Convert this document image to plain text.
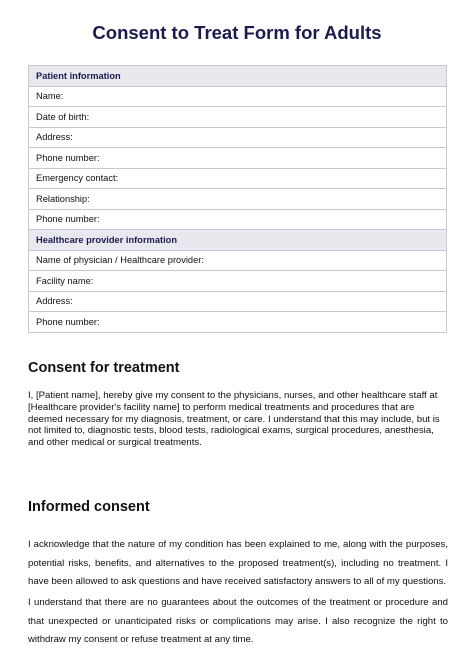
Consent to Treat Form for Adults
Patient information
Name:
Date of birth:
Address:
Phone number:
Emergency contact:
Relationship:
Phone number:
Healthcare provider information
Name of physician / Healthcare provider:
Facility name:
Address:
Phone number:
Consent for treatment

I, [Patient name], hereby give my consent to the physicians, nurses, and other healthcare staff at [Healthcare provider's facility name] to perform medical treatments and procedures that are deemed necessary for my diagnosis, treatment, or care. I understand that this may include, but is not limited to, diagnostic tests, blood tests, radiological exams, surgical procedures, anesthesia, and other medical or surgical treatments.

Informed consent

I acknowledge that the nature of my condition has been explained to me, along with the purposes, potential risks, benefits, and alternatives to the proposed treatment(s), including no treatment. I have been allowed to ask questions and have received satisfactory answers to all of my questions.

I understand that there are no guarantees about the outcomes of the treatment or procedure and that unexpected or unanticipated risks or complications may arise. I also recognize the right to withdraw my consent or refuse treatment at any time.
